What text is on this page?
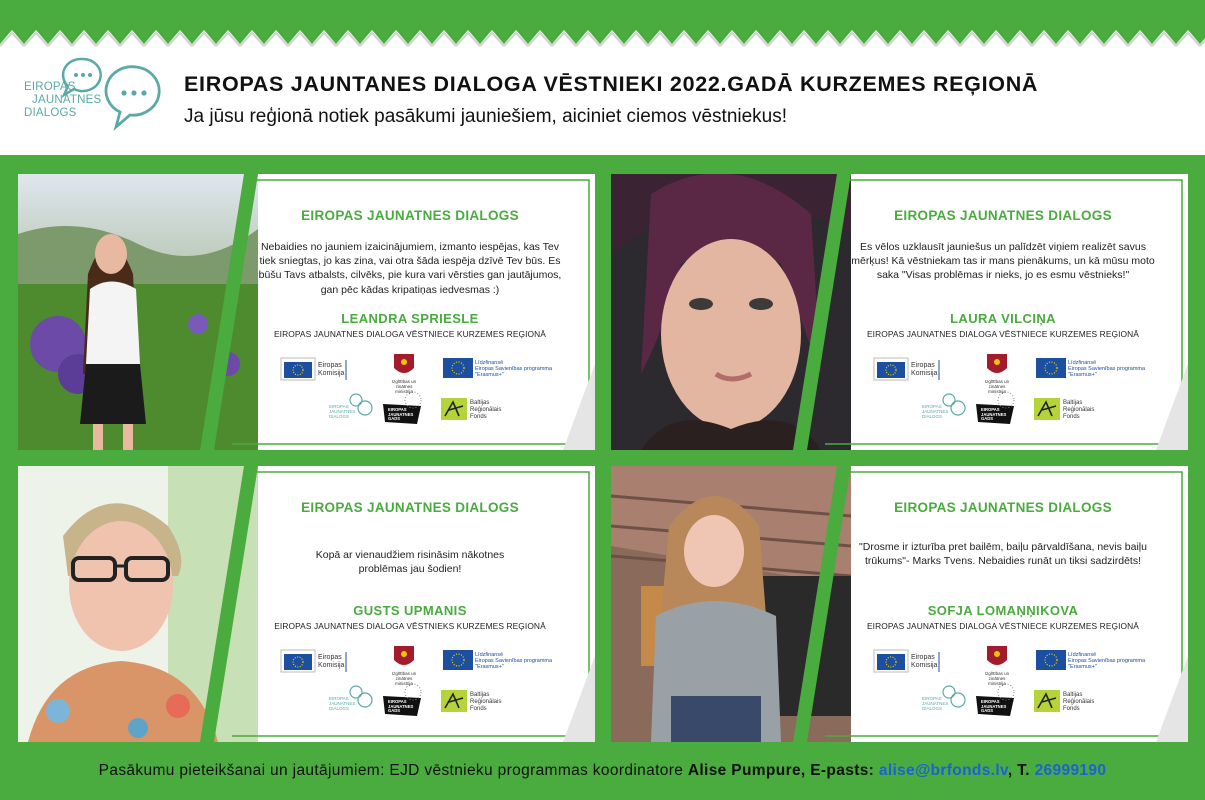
EIROPAS
JAUNATNES
DIALOGS
EIROPAS JAUNTANES DIALOGA VĒSTNIEKI 2022.GADĀ KURZEMES REĢIONĀ
Ja jūsu reģionā notiek pasākumi jauniešiem, aiciniet ciemos vēstniekus!
EIROPAS JAUNATNES DIALOGS
Nebaidies no jauniem izaicinājumiem, izmanto iespējas, kas Tev tiek sniegtas, jo kas zina, vai otra šāda iespēja dzīvē Tev būs. Es būšu Tavs atbalsts, cilvēks, pie kura vari vērsties gan jautājumos, gan pēc kādas kripatiņas iedvesmas :)
LEANDRA SPRIESLE
EIROPAS JAUNATNES DIALOGA VĒSTNIECE KURZEMES REĢIONĀ
Eiropas
Komisija
Izglītības un zinātnes
ministrija
Līdzfinansē
Eiropas Savienības programma
"Erasmus+"
EIROPAS
JAUNATNES
DIALOGS
EIROPAS
JAUNATNES
GADS
Baltijas
Reģionālais
Fonds
EIROPAS JAUNATNES DIALOGS
Es vēlos uzklausīt jauniešus un palīdzēt viņiem realizēt savus mērķus! Kā vēstniekam tas ir mans pienākums, un kā mūsu moto saka "Visas problēmas ir nieks, jo es esmu vēstnieks!"
LAURA VILCIŅA
EIROPAS JAUNATNES DIALOGA VĒSTNIECE KURZEMES REĢIONĀ
Eiropas
Komisija
Izglītības un zinātnes
ministrija
Līdzfinansē
Eiropas Savienības programma
"Erasmus+"
EIROPAS
JAUNATNES
DIALOGS
EIROPAS
JAUNATNES
GADS
Baltijas
Reģionālais
Fonds
EIROPAS JAUNATNES DIALOGS
Kopā ar vienaudžiem risināsim nākotnes problēmas jau šodien!
GUSTS UPMANIS
EIROPAS JAUNATNES DIALOGA VĒSTNIEKS KURZEMES REĢIONĀ
Eiropas
Komisija
Izglītības un zinātnes
ministrija
Līdzfinansē
Eiropas Savienības programma
"Erasmus+"
EIROPAS
JAUNATNES
DIALOGS
EIROPAS
JAUNATNES
GADS
Baltijas
Reģionālais
Fonds
EIROPAS JAUNATNES DIALOGS
"Drosme ir izturība pret bailēm, baiļu pārvaldīšana, nevis baiļu trūkums"- Marks Tvens. Nebaidies runāt un tiksi sadzirdēts!
SOFJA LOMAŅŅIKOVA
EIROPAS JAUNATNES DIALOGA VĒSTNIECE KURZEMES REĢIONĀ
Eiropas
Komisija
Izglītības un zinātnes
ministrija
Līdzfinansē
Eiropas Savienības programma
"Erasmus+"
EIROPAS
JAUNATNES
DIALOGS
EIROPAS
JAUNATNES
GADS
Baltijas
Reģionālais
Fonds
Pasākumu pieteikšanai un jautājumiem: EJD vēstnieku programmas koordinatore Alise Pumpure, E-pasts: alise@brfonds.lv, T. 26999190
